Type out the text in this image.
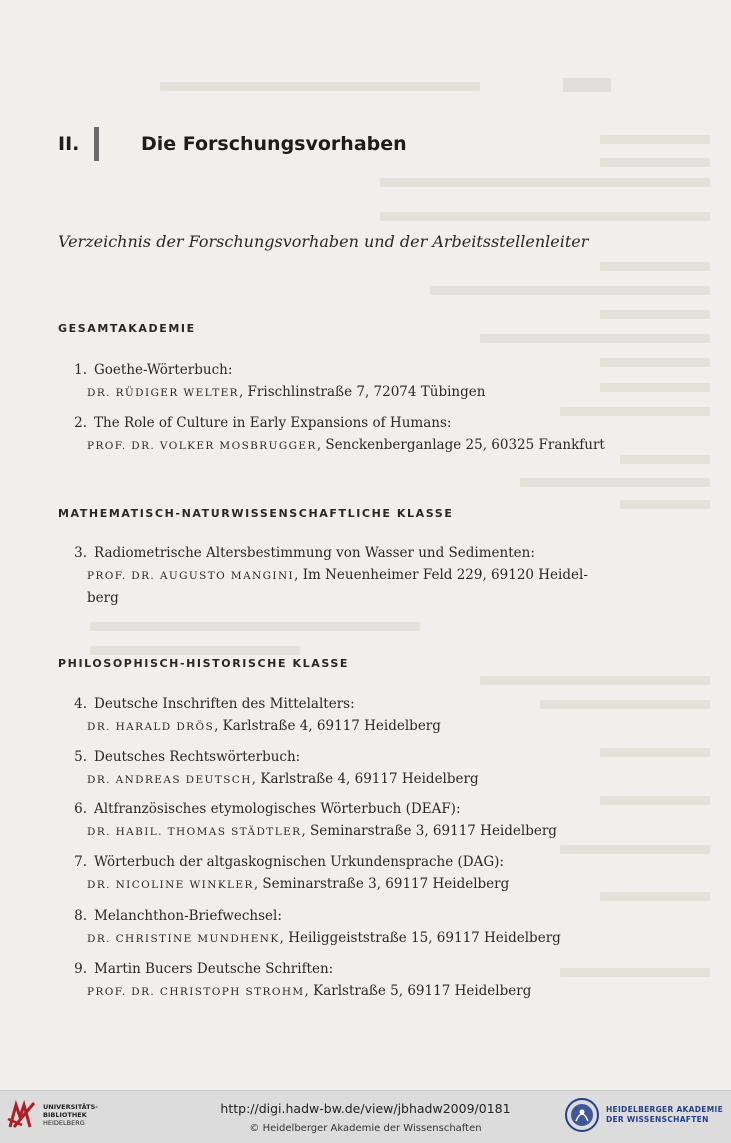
II.	Die Forschungsvorhaben
Verzeichnis der Forschungsvorhaben und der Arbeitsstellenleiter
GESAMTAKADEMIE
1. Goethe-Wörterbuch:
DR. RÜDIGER WELTER, Frischlinstraße 7, 72074 Tübingen
2. The Role of Culture in Early Expansions of Humans:
PROF. DR. VOLKER MOSBRUGGER, Senckenberganlage 25, 60325 Frankfurt
MATHEMATISCH-NATURWISSENSCHAFTLICHE KLASSE
3. Radiometrische Altersbestimmung von Wasser und Sedimenten:
PROF. DR. AUGUSTO MANGINI, Im Neuenheimer Feld 229, 69120 Heidel-
berg
PHILOSOPHISCH-HISTORISCHE KLASSE
4. Deutsche Inschriften des Mittelalters:
DR. HARALD DRÖS, Karlstraße 4, 69117 Heidelberg
5. Deutsches Rechtswörterbuch:
DR. ANDREAS DEUTSCH, Karlstraße 4, 69117 Heidelberg
6. Altfranzösisches etymologisches Wörterbuch (DEAF):
DR. HABIL. THOMAS STÄDTLER, Seminarstraße 3, 69117 Heidelberg
7. Wörterbuch der altgaskognischen Urkundensprache (DAG):
DR. NICOLINE WINKLER, Seminarstraße 3, 69117 Heidelberg
8. Melanchthon-Briefwechsel:
DR. CHRISTINE MUNDHENK, Heiliggeiststraße 15, 69117 Heidelberg
9. Martin Bucers Deutsche Schriften:
PROF. DR. CHRISTOPH STROHM, Karlstraße 5, 69117 Heidelberg
UNIVERSITÄTS-
BIBLIOTHEK
HEIDELBERG
http://digi.hadw-bw.de/view/jbhadw2009/0181
© Heidelberger Akademie der Wissenschaften
HEIDELBERGER AKADEMIE
DER WISSENSCHAFTEN
